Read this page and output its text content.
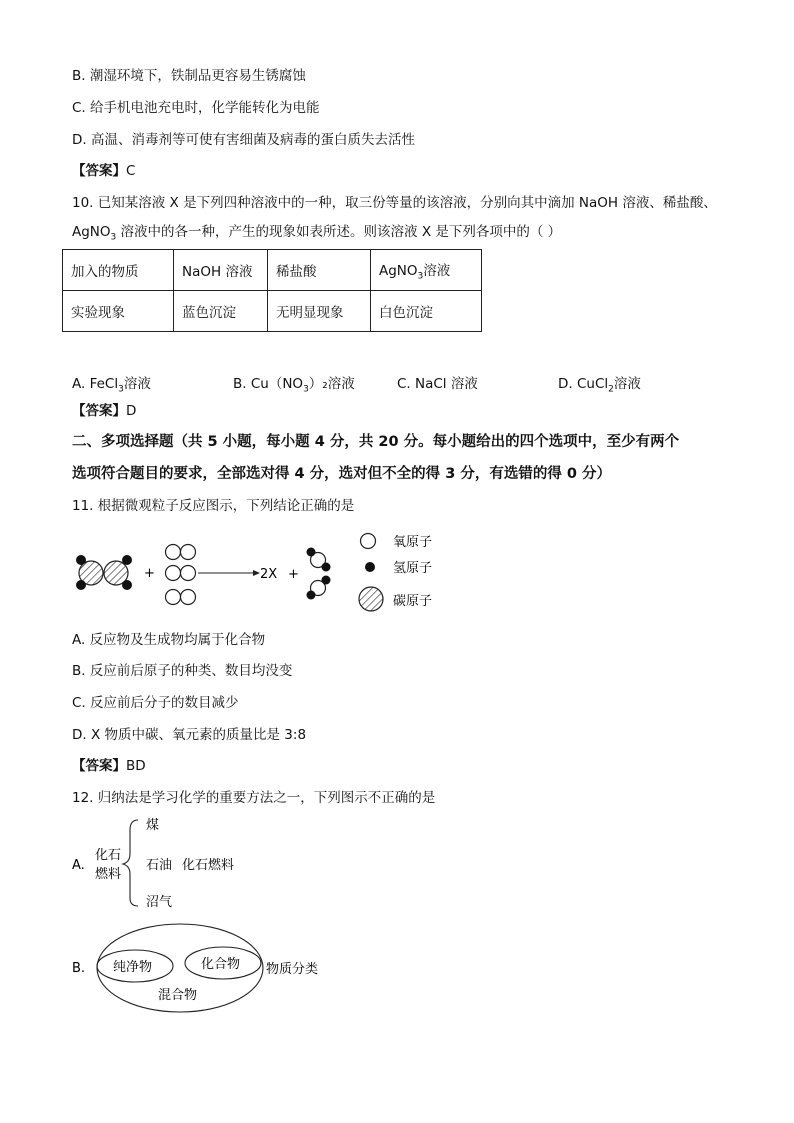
B. 潮湿环境下，铁制品更容易生锈腐蚀
C. 给手机电池充电时，化学能转化为电能
D. 高温、消毒剂等可使有害细菌及病毒的蛋白质失去活性
【答案】C
10. 已知某溶液 X 是下列四种溶液中的一种，取三份等量的该溶液，分别向其中滴加 NaOH 溶液、稀盐酸、
AgNO$_3$ 溶液中的各一种，产生的现象如表所述。则该溶液 X 是下列各项中的（ ）
加入的物质	NaOH 溶液	稀盐酸	AgNO$_3$溶液
实验现象	蓝色沉淀	无明显现象	白色沉淀
A. FeCl$_3$溶液	B. $Cu(NO_3)_2$溶液	C. NaCl 溶液	D. CuCl$_2$溶液
【答案】D
二、多项选择题（共 5 小题，每小题 4 分，共 20 分。每小题给出的四个选项中，至少有两个
选项符合题目的要求，全部选对得 4 分，选对但不全的得 3 分，有选错的得 0 分）
11. 根据微观粒子反应图示，下列结论正确的是
+	2X +
氧原子
氢原子
碳原子
A. 反应物及生成物均属于化合物
B. 反应前后原子的种类、数目均没变
C. 反应前后分子的数目减少
D. X 物质中碳、氧元素的质量比是 3:8
【答案】BD
12. 归纳法是学习化学的重要方法之一，下列图示不正确的是
A.
化石
燃料
煤
石油 化石燃料
沼气
B. 纯净物	化合物
混合物
物质分类
